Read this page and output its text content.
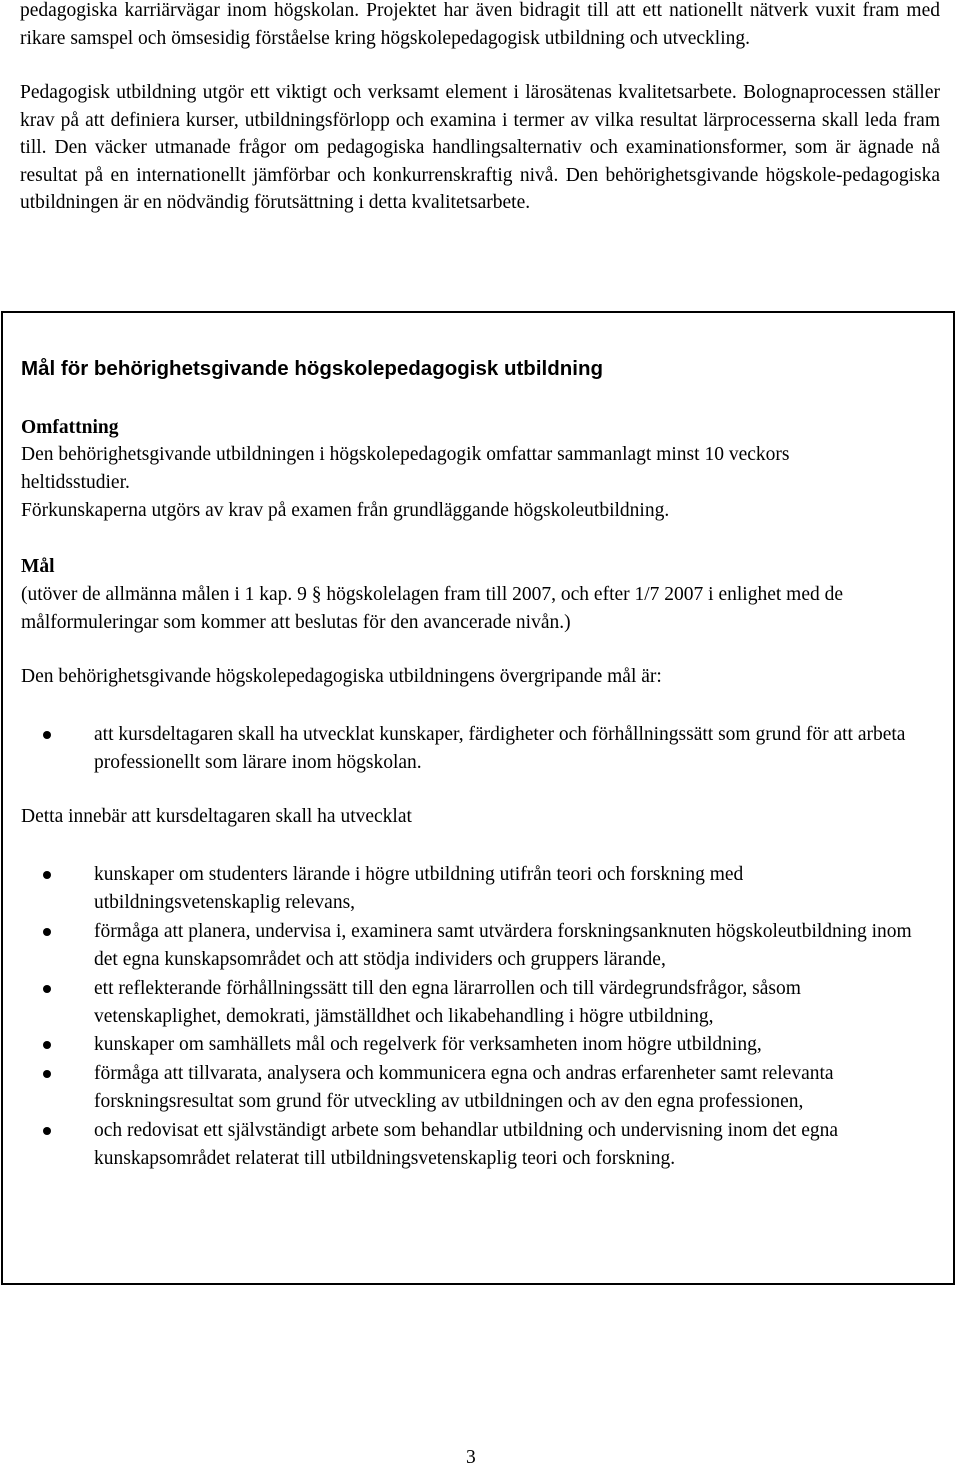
pedagogiska karriärvägar inom högskolan. Projektet har även bidragit till att ett nationellt nätverk vuxit fram med rikare samspel och ömsesidig förståelse kring högskolepedagogisk utbildning och utveckling.

Pedagogisk utbildning utgör ett viktigt och verksamt element i lärosätenas kvalitetsarbete. Bolognaprocessen ställer krav på att definiera kurser, utbildningsförlopp och examina i termer av vilka resultat lärprocesserna skall leda fram till. Den väcker utmanade frågor om pedagogiska handlingsalternativ och examinationsformer, som är ägnade nå resultat på en internationellt jämförbar och konkurrenskraftig nivå. Den behörighetsgivande högskole-pedagogiska utbildningen är en nödvändig förutsättning i detta kvalitetsarbete.

Mål för behörighetsgivande högskolepedagogisk utbildning
Omfattning

Den behörighetsgivande utbildningen i högskolepedagogik omfattar sammanlagt minst 10 veckors heltidsstudier.

Förkunskaperna utgörs av krav på examen från grundläggande högskoleutbildning.

Mål

(utöver de allmänna målen i 1 kap. 9 § högskolelagen fram till 2007, och efter 1/7 2007 i enlighet med de målformuleringar som kommer att beslutas för den avancerade nivån.)

Den behörighetsgivande högskolepedagogiska utbildningens övergripande mål är:

att kursdeltagaren skall ha utvecklat kunskaper, färdigheter och förhållningssätt som grund för att arbeta professionellt som lärare inom högskolan.

Detta innebär att kursdeltagaren skall ha utvecklat

kunskaper om studenters lärande i högre utbildning utifrån teori och forskning med utbildningsvetenskaplig relevans,
förmåga att planera, undervisa i, examinera samt utvärdera forskningsanknuten högskoleutbildning inom det egna kunskapsområdet och att stödja individers och gruppers lärande,
ett reflekterande förhållningssätt till den egna lärarrollen och till värdegrundsfrågor, såsom vetenskaplighet, demokrati, jämställdhet och likabehandling i högre utbildning,
kunskaper om samhällets mål och regelverk för verksamheten inom högre utbildning,
förmåga att tillvarata, analysera och kommunicera egna och andras erfarenheter samt relevanta forskningsresultat som grund för utveckling av utbildningen och av den egna professionen,
och redovisat ett självständigt arbete som behandlar utbildning och undervisning inom det egna kunskapsområdet relaterat till utbildningsvetenskaplig teori och forskning.

3
